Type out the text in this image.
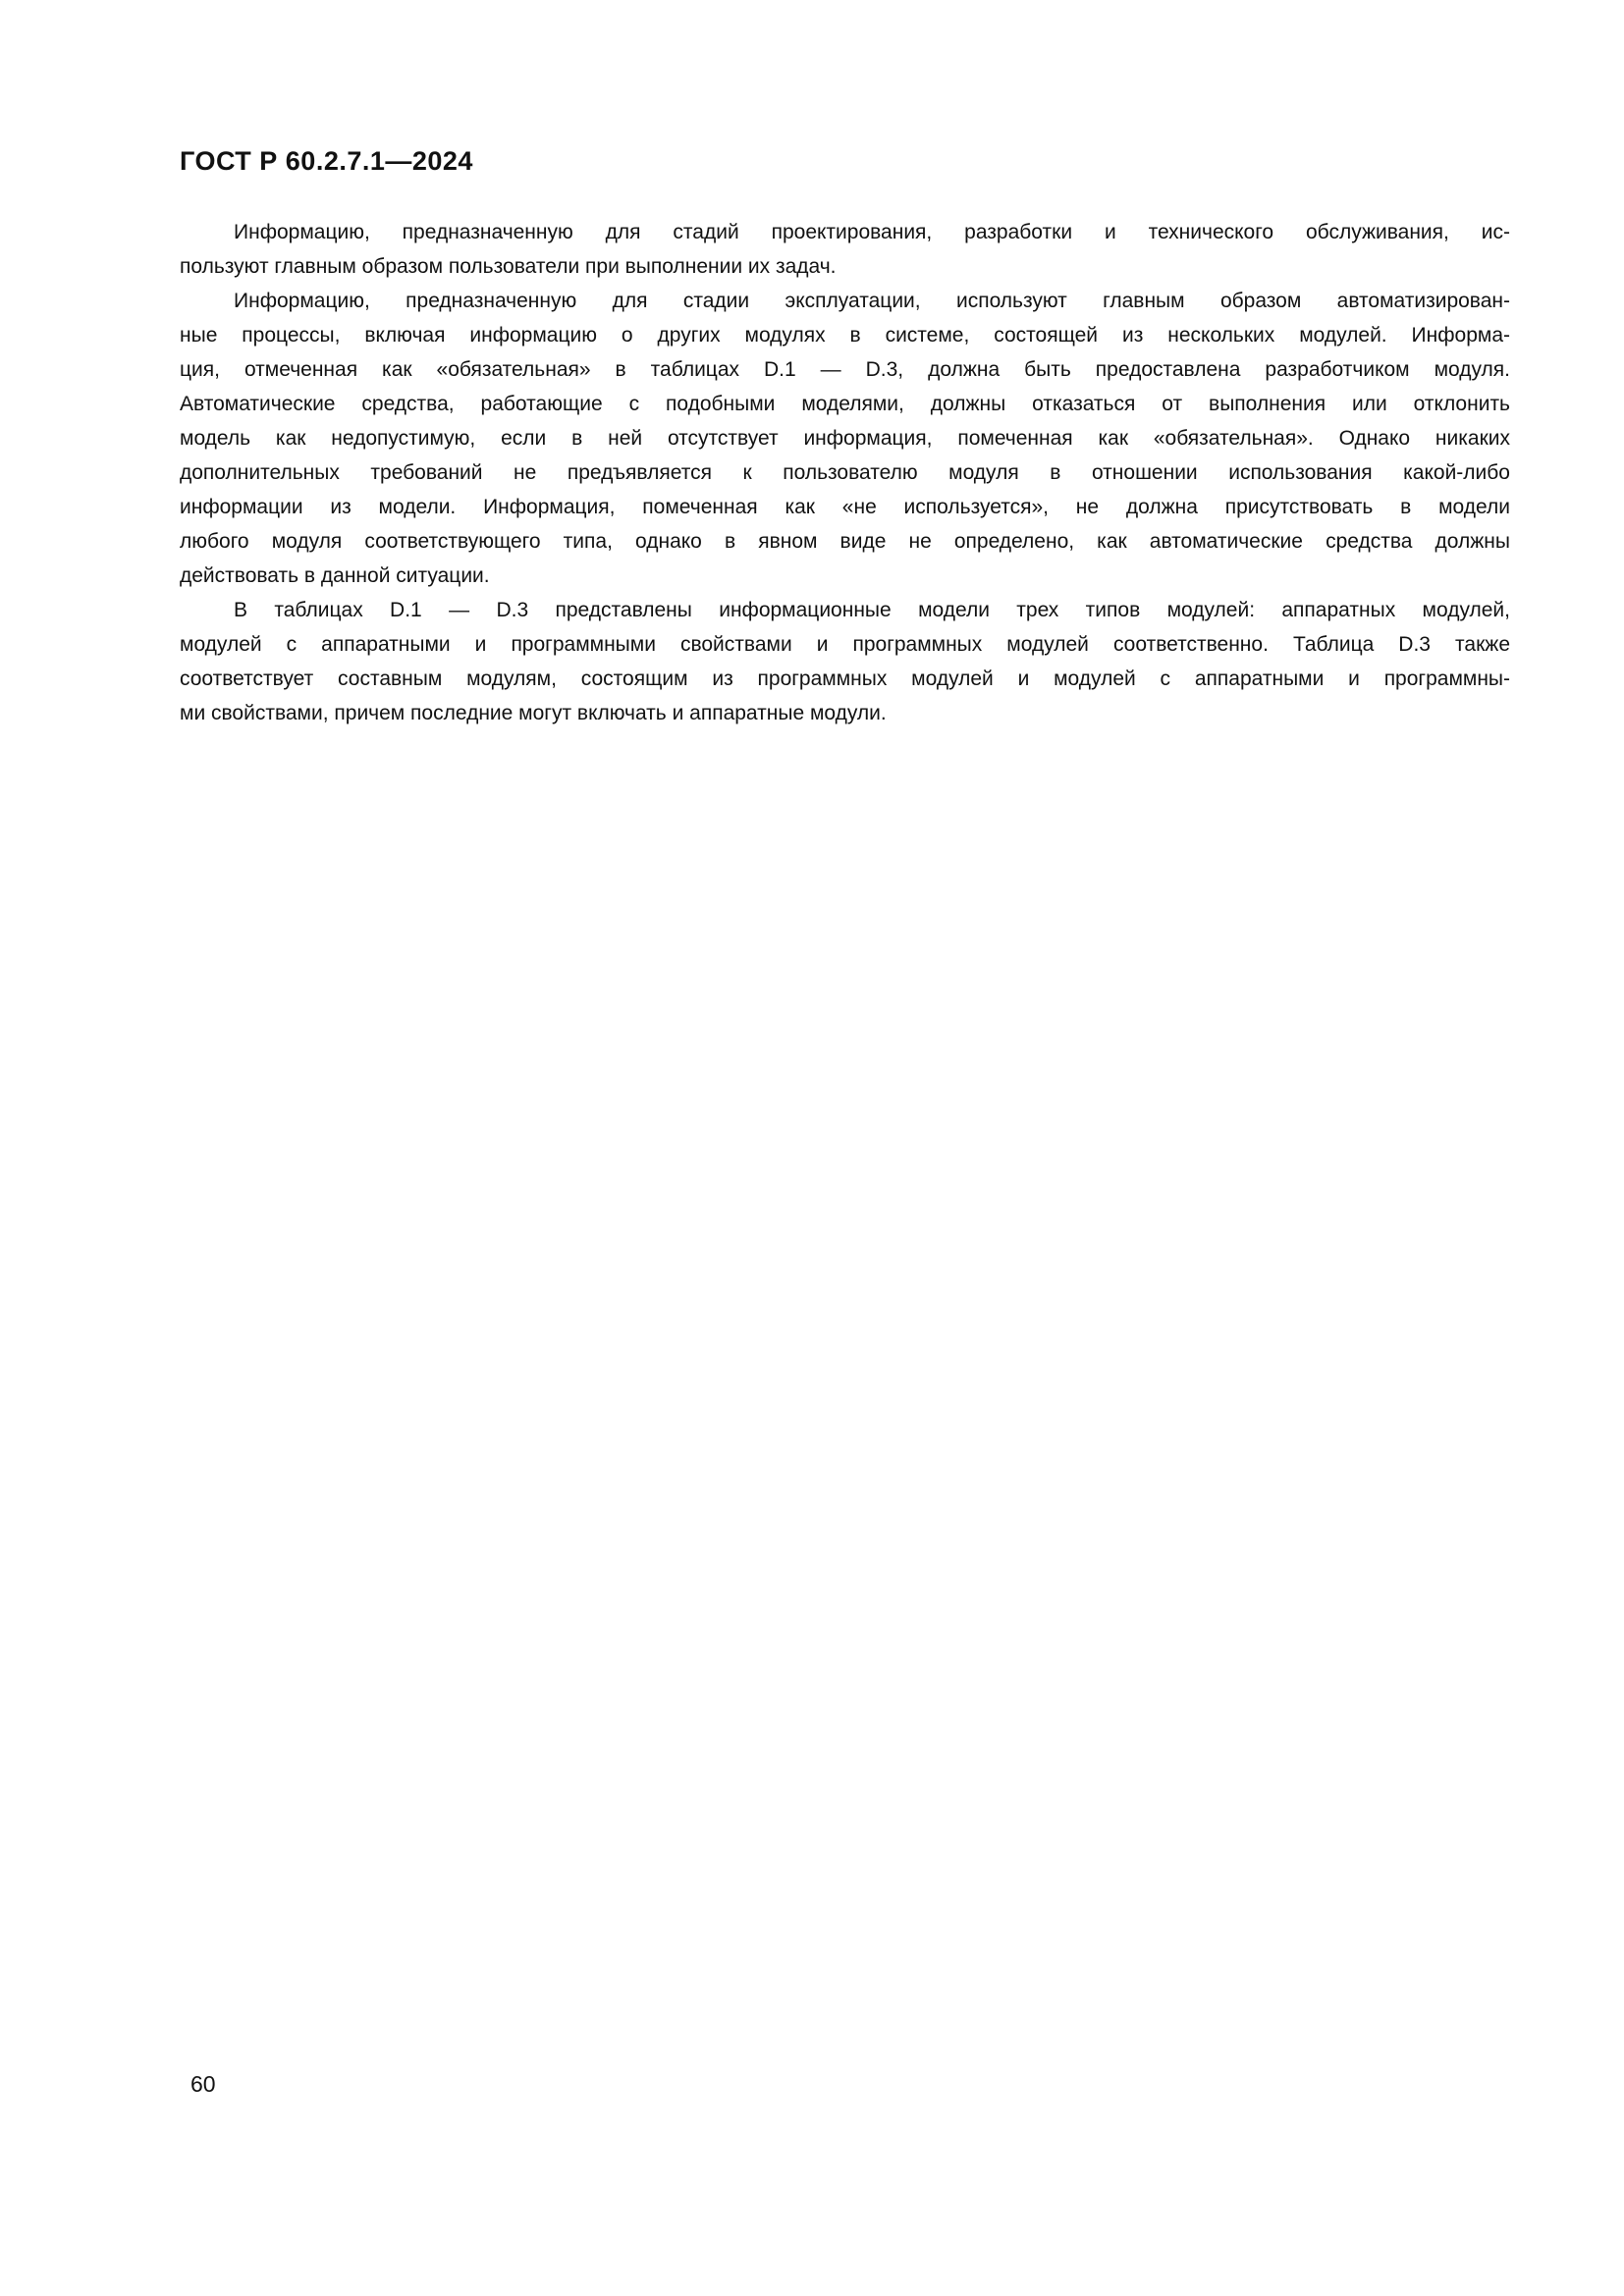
ГОСТ Р 60.2.7.1—2024
Информацию, предназначенную для стадий проектирования, разработки и технического обслуживания, ис-
пользуют главным образом пользователи при выполнении их задач.
Информацию, предназначенную для стадии эксплуатации, используют главным образом автоматизирован-
ные процессы, включая информацию о других модулях в системе, состоящей из нескольких модулей. Информа-
ция, отмеченная как «обязательная» в таблицах D.1 — D.3, должна быть предоставлена разработчиком модуля.
Автоматические средства, работающие с подобными моделями, должны отказаться от выполнения или отклонить
модель как недопустимую, если в ней отсутствует информация, помеченная как «обязательная». Однако никаких
дополнительных требований не предъявляется к пользователю модуля в отношении использования какой-либо
информации из модели. Информация, помеченная как «не используется», не должна присутствовать в модели
любого модуля соответствующего типа, однако в явном виде не определено, как автоматические средства должны
действовать в данной ситуации.
В таблицах D.1 — D.3 представлены информационные модели трех типов модулей: аппаратных модулей,
модулей с аппаратными и программными свойствами и программных модулей соответственно. Таблица D.3 также
соответствует составным модулям, состоящим из программных модулей и модулей с аппаратными и программны-
ми свойствами, причем последние могут включать и аппаратные модули.
60
